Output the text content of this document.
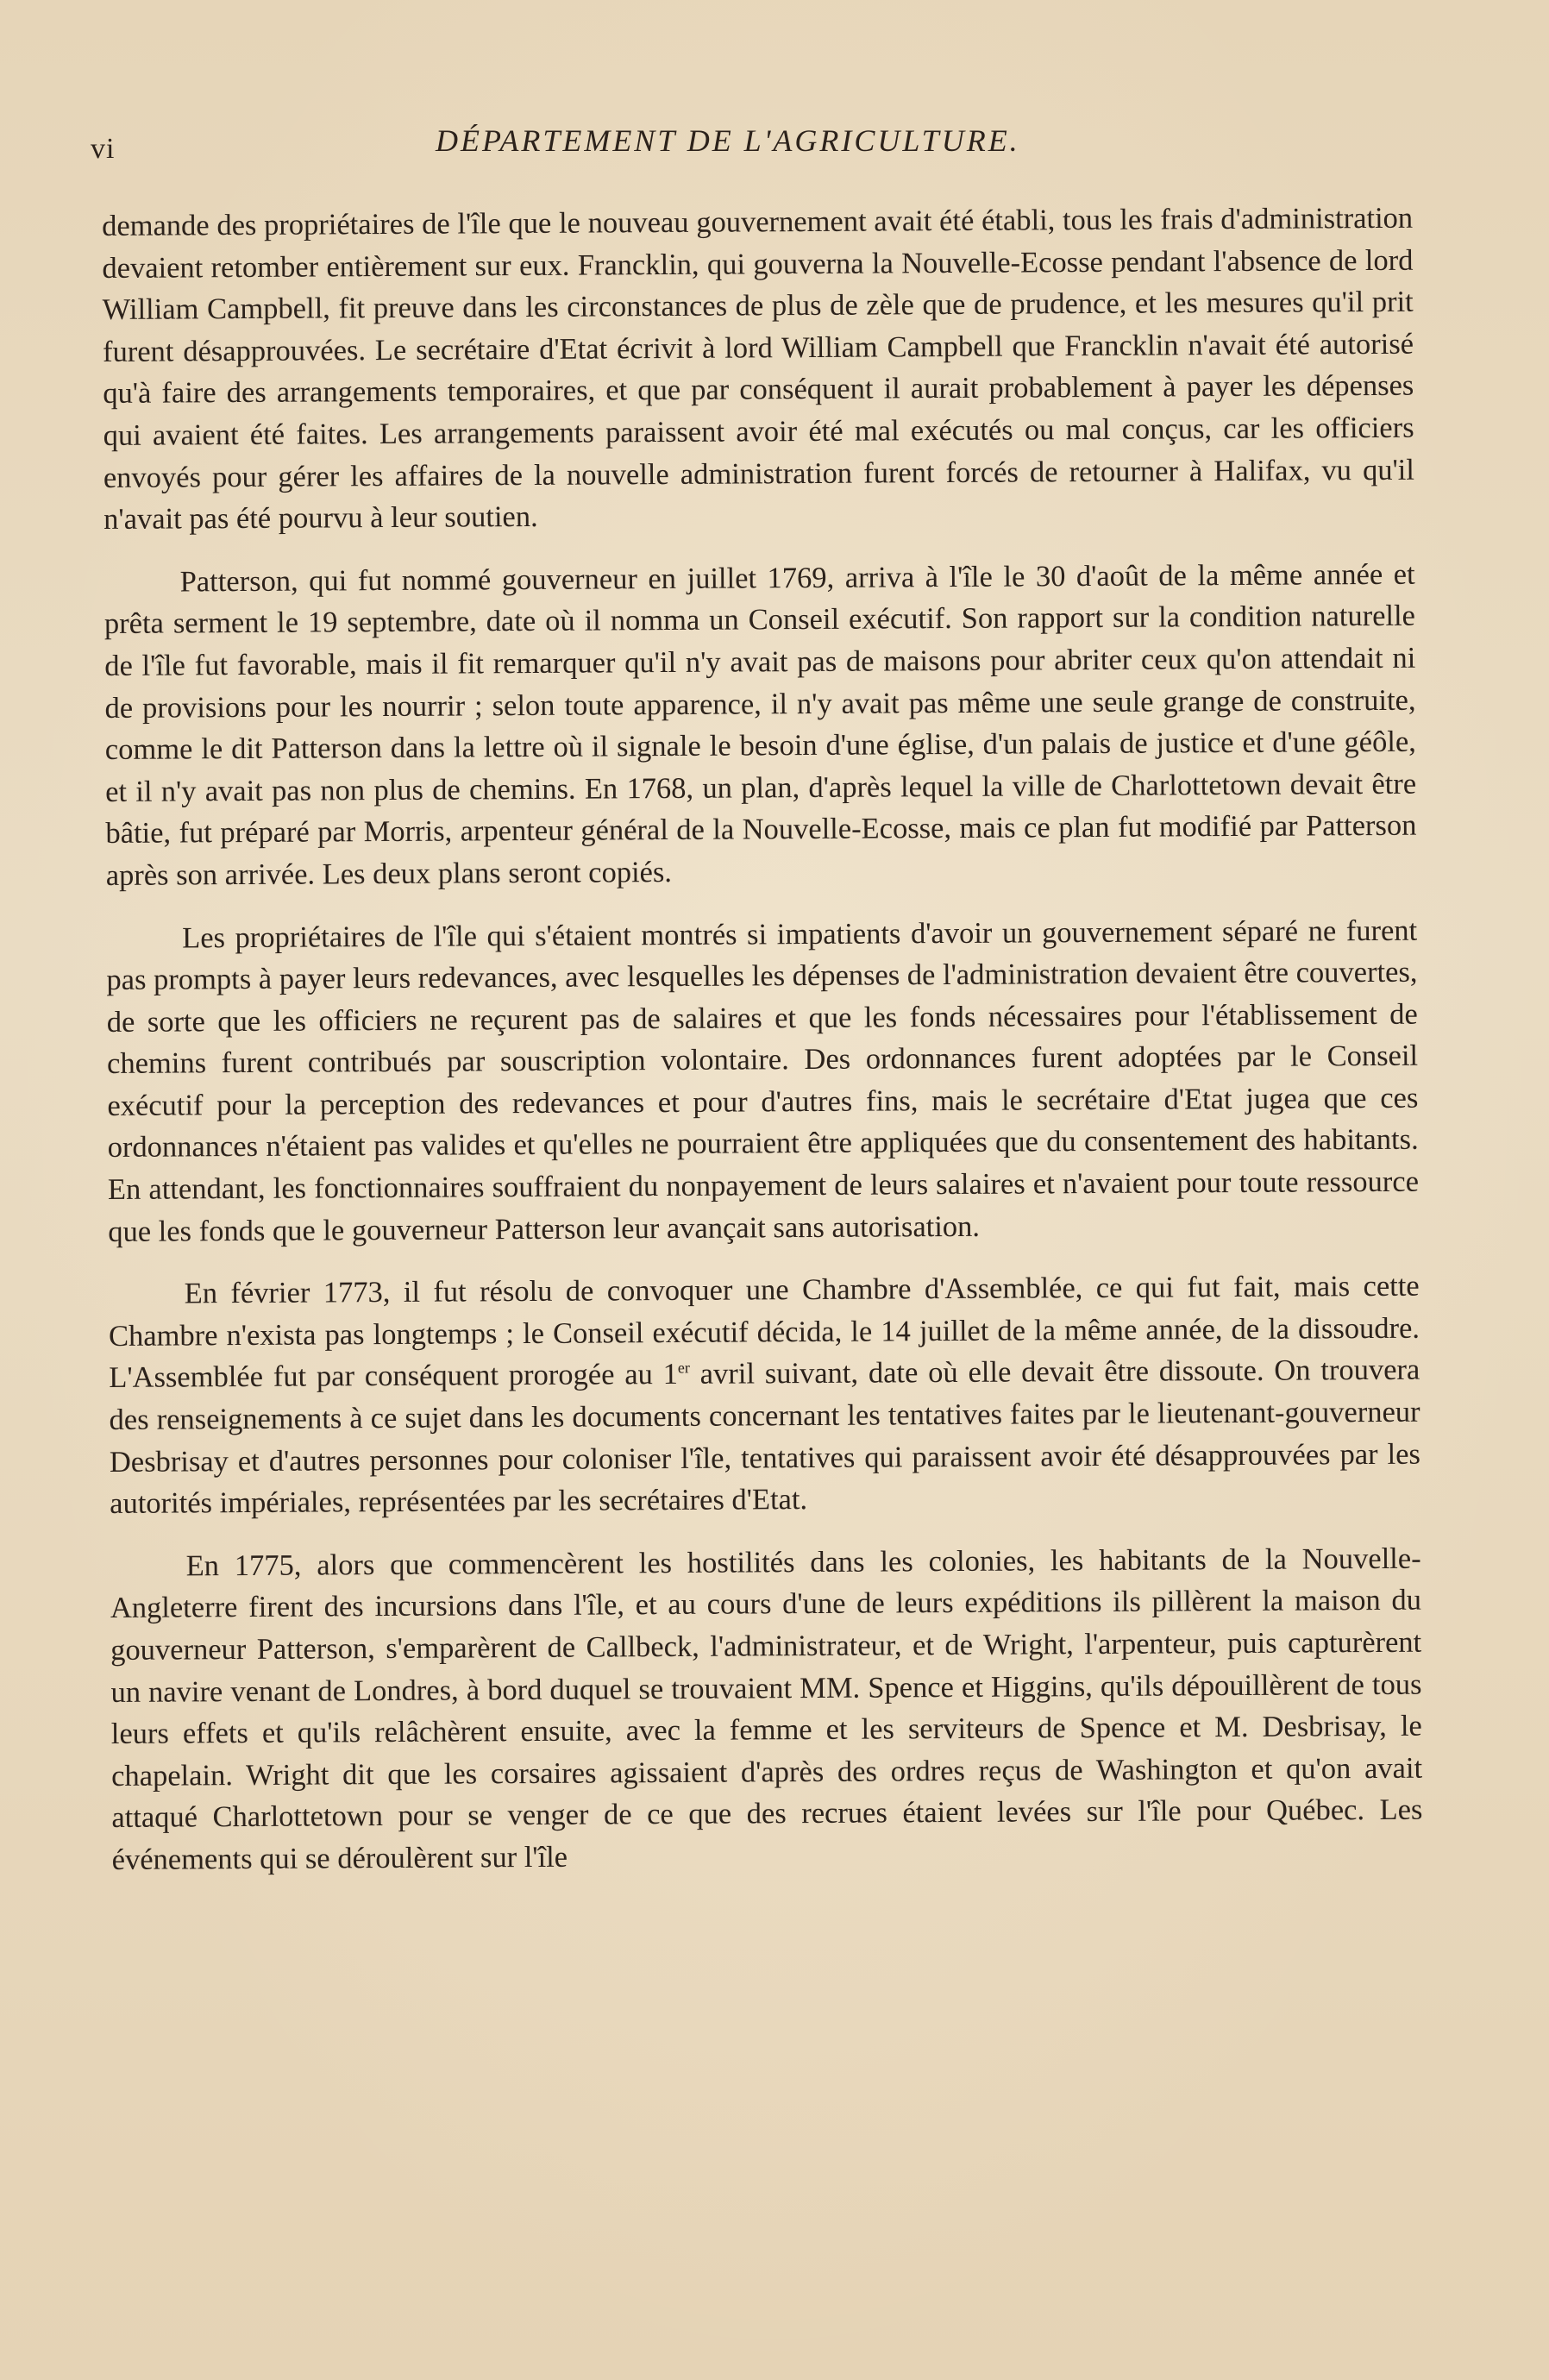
vi	DÉPARTEMENT DE L'AGRICULTURE.

demande des propriétaires de l'île que le nouveau gouvernement avait été établi, tous les frais d'administration devaient retomber entièrement sur eux. Francklin, qui gouverna la Nouvelle-Ecosse pendant l'absence de lord William Campbell, fit preuve dans les circonstances de plus de zèle que de prudence, et les mesures qu'il prit furent désapprouvées. Le secrétaire d'Etat écrivit à lord William Campbell que Francklin n'avait été autorisé qu'à faire des arrangements temporaires, et que par conséquent il aurait probablement à payer les dépenses qui avaient été faites. Les arrangements paraissent avoir été mal exécutés ou mal conçus, car les officiers envoyés pour gérer les affaires de la nouvelle administration furent forcés de retourner à Halifax, vu qu'il n'avait pas été pourvu à leur soutien.

Patterson, qui fut nommé gouverneur en juillet 1769, arriva à l'île le 30 d'août de la même année et prêta serment le 19 septembre, date où il nomma un Conseil exécutif. Son rapport sur la condition naturelle de l'île fut favorable, mais il fit remarquer qu'il n'y avait pas de maisons pour abriter ceux qu'on attendait ni de provisions pour les nourrir ; selon toute apparence, il n'y avait pas même une seule grange de construite, comme le dit Patterson dans la lettre où il signale le besoin d'une église, d'un palais de justice et d'une géôle, et il n'y avait pas non plus de chemins. En 1768, un plan, d'après lequel la ville de Charlottetown devait être bâtie, fut préparé par Morris, arpenteur général de la Nouvelle-Ecosse, mais ce plan fut modifié par Patterson après son arrivée. Les deux plans seront copiés.

Les propriétaires de l'île qui s'étaient montrés si impatients d'avoir un gouvernement séparé ne furent pas prompts à payer leurs redevances, avec lesquelles les dépenses de l'administration devaient être couvertes, de sorte que les officiers ne reçurent pas de salaires et que les fonds nécessaires pour l'établissement de chemins furent contribués par souscription volontaire. Des ordonnances furent adoptées par le Conseil exécutif pour la perception des redevances et pour d'autres fins, mais le secrétaire d'Etat jugea que ces ordonnances n'étaient pas valides et qu'elles ne pourraient être appliquées que du consentement des habitants. En attendant, les fonctionnaires souffraient du nonpayement de leurs salaires et n'avaient pour toute ressource que les fonds que le gouverneur Patterson leur avançait sans autorisation.

En février 1773, il fut résolu de convoquer une Chambre d'Assemblée, ce qui fut fait, mais cette Chambre n'exista pas longtemps ; le Conseil exécutif décida, le 14 juillet de la même année, de la dissoudre. L'Assemblée fut par conséquent prorogée au 1er avril suivant, date où elle devait être dissoute. On trouvera des renseignements à ce sujet dans les documents concernant les tentatives faites par le lieutenant-gouverneur Desbrisay et d'autres personnes pour coloniser l'île, tentatives qui paraissent avoir été désapprouvées par les autorités impériales, représentées par les secrétaires d'Etat.

En 1775, alors que commencèrent les hostilités dans les colonies, les habitants de la Nouvelle-Angleterre firent des incursions dans l'île, et au cours d'une de leurs expéditions ils pillèrent la maison du gouverneur Patterson, s'emparèrent de Callbeck, l'administrateur, et de Wright, l'arpenteur, puis capturèrent un navire venant de Londres, à bord duquel se trouvaient MM. Spence et Higgins, qu'ils dépouillèrent de tous leurs effets et qu'ils relâchèrent ensuite, avec la femme et les serviteurs de Spence et M. Desbrisay, le chapelain. Wright dit que les corsaires agissaient d'après des ordres reçus de Washington et qu'on avait attaqué Charlottetown pour se venger de ce que des recrues étaient levées sur l'île pour Québec. Les événements qui se déroulèrent sur l'île
